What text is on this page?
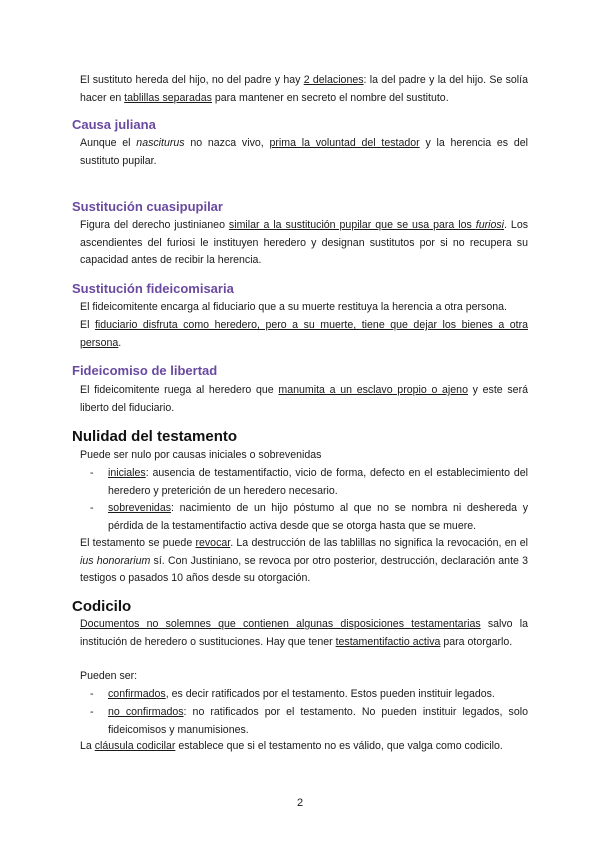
El sustituto hereda del hijo, no del padre y hay 2 delaciones: la del padre y la del hijo. Se solía hacer en tablillas separadas para mantener en secreto el nombre del sustituto.

Causa juliana

Aunque el nasciturus no nazca vivo, prima la voluntad del testador y la herencia es del sustituto pupilar.

Sustitución cuasipupilar

Figura del derecho justinianeo similar a la sustitución pupilar que se usa para los furiosi. Los ascendientes del furiosi le instituyen heredero y designan sustitutos por si no recupera su capacidad antes de recibir la herencia.

Sustitución fideicomisaria

El fideicomitente encarga al fiduciario que a su muerte restituya la herencia a otra persona.

El fiduciario disfruta como heredero, pero a su muerte, tiene que dejar los bienes a otra persona.

Fideicomiso de libertad

El fideicomitente ruega al heredero que manumita a un esclavo propio o ajeno y este será liberto del fiduciario.

Nulidad del testamento

Puede ser nulo por causas iniciales o sobrevenidas

- iniciales: ausencia de testamentifactio, vicio de forma, defecto en el establecimiento del heredero y preterición de un heredero necesario.

- sobrevenidas: nacimiento de un hijo póstumo al que no se nombra ni deshereda y pérdida de la testamentifactio activa desde que se otorga hasta que se muere.

El testamento se puede revocar. La destrucción de las tablillas no significa la revocación, en el ius honorarium sí. Con Justiniano, se revoca por otro posterior, destrucción, declaración ante 3 testigos o pasados 10 años desde su otorgación.

Codicilo

Documentos no solemnes que contienen algunas disposiciones testamentarias salvo la institución de heredero o sustituciones. Hay que tener testamentifactio activa para otorgarlo.

Pueden ser:

- confirmados, es decir ratificados por el testamento. Estos pueden instituir legados.

- no confirmados: no ratificados por el testamento. No pueden instituir legados, solo fideicomisos y manumisiones.

La cláusula codicilar establece que si el testamento no es válido, que valga como codicilo.

2
